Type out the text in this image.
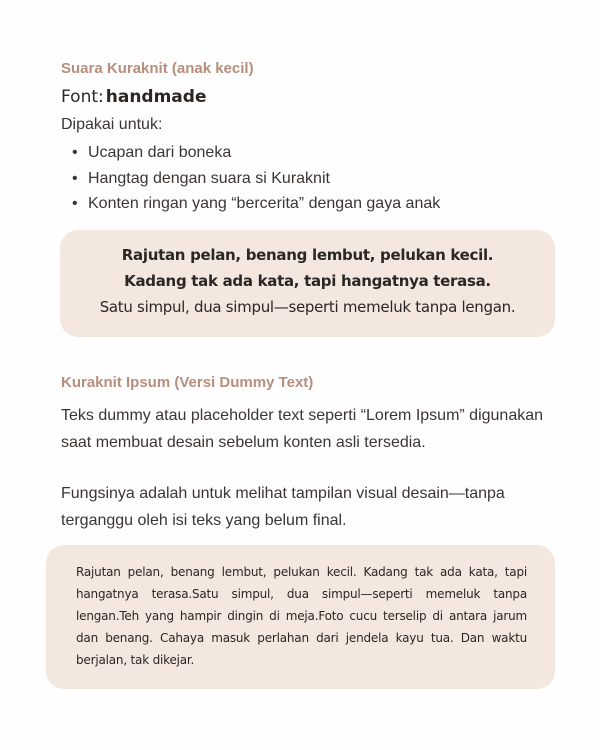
Suara Kuraknit (anak kecil)
Font: handmade
Dipakai untuk:
• Ucapan dari boneka
• Hangtag dengan suara si Kuraknit
• Konten ringan yang “bercerita” dengan gaya anak
Rajutan pelan, benang lembut, pelukan kecil.
Kadang tak ada kata, tapi hangatnya terasa.
Satu simpul, dua simpul—seperti memeluk tanpa lengan.
Kuraknit Ipsum (Versi Dummy Text)

Teks dummy atau placeholder text seperti “Lorem Ipsum” digunakan saat membuat desain sebelum konten asli tersedia.

Fungsinya adalah untuk melihat tampilan visual desain—tanpa terganggu oleh isi teks yang belum final.

Rajutan pelan, benang lembut, pelukan kecil. Kadang tak ada kata, tapi hangatnya terasa.Satu simpul, dua simpul—seperti memeluk tanpa lengan.Teh yang hampir dingin di meja.Foto cucu terselip di antara jarum dan benang. Cahaya masuk perlahan dari jendela kayu tua. Dan waktu berjalan, tak dikejar.
